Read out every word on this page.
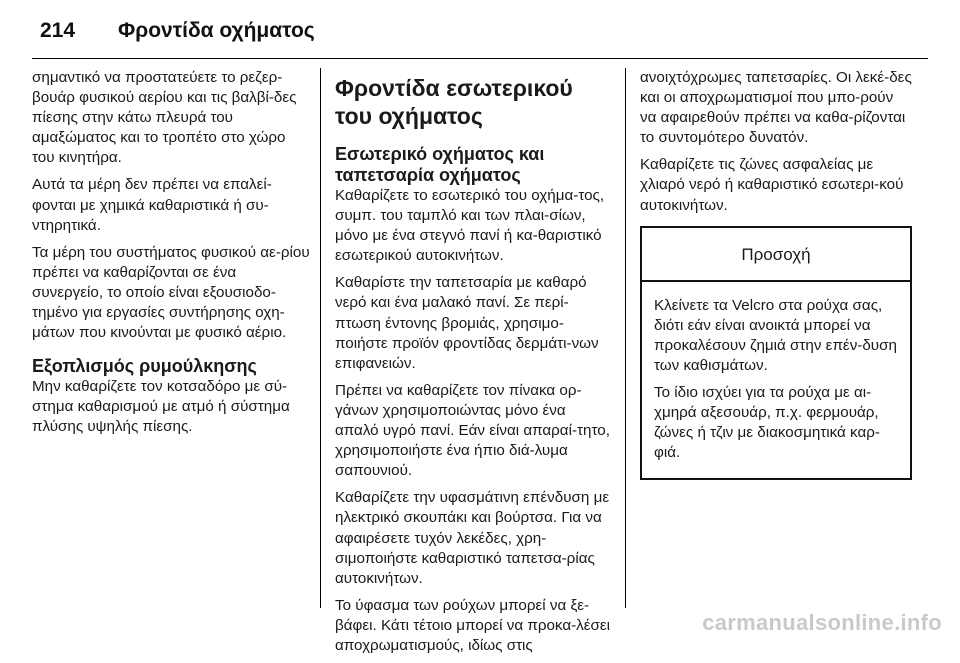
214	Φροντίδα οχήματος

σημαντικό να προστατεύετε το ρεζερ-βουάρ φυσικού αερίου και τις βαλβί-δες πίεσης στην κάτω πλευρά του αμαξώματος και το τροπέτο στο χώρο του κινητήρα.

Αυτά τα μέρη δεν πρέπει να επαλεί-φονται με χημικά καθαριστικά ή συ-ντηρητικά.

Τα μέρη του συστήματος φυσικού αε-ρίου πρέπει να καθαρίζονται σε ένα συνεργείο, το οποίο είναι εξουσιοδο-τημένο για εργασίες συντήρησης οχη-μάτων που κινούνται με φυσικό αέριο.

Εξοπλισμός ρυμούλκησης

Μην καθαρίζετε τον κοτσαδόρο με σύ-στημα καθαρισμού με ατμό ή σύστημα πλύσης υψηλής πίεσης.

Φροντίδα εσωτερικού του οχήματος
Εσωτερικό οχήματος και ταπετσαρία οχήματος

Καθαρίζετε το εσωτερικό του οχήμα-τος, συμπ. του ταμπλό και των πλαι-σίων, μόνο με ένα στεγνό πανί ή κα-θαριστικό εσωτερικού αυτοκινήτων.

Καθαρίστε την ταπετσαρία με καθαρό νερό και ένα μαλακό πανί. Σε περί-πτωση έντονης βρομιάς, χρησιμο-ποιήστε προϊόν φροντίδας δερμάτι-νων επιφανειών.

Πρέπει να καθαρίζετε τον πίνακα ορ-γάνων χρησιμοποιώντας μόνο ένα απαλό υγρό πανί. Εάν είναι απαραί-τητο, χρησιμοποιήστε ένα ήπιο διά-λυμα σαπουνιού.

Καθαρίζετε την υφασμάτινη επένδυση με ηλεκτρικό σκουπάκι και βούρτσα. Για να αφαιρέσετε τυχόν λεκέδες, χρη-σιμοποιήστε καθαριστικό ταπετσα-ρίας αυτοκινήτων.

Το ύφασμα των ρούχων μπορεί να ξε-βάφει. Κάτι τέτοιο μπορεί να προκα-λέσει αποχρωματισμούς, ιδίως στις

ανοιχτόχρωμες ταπετσαρίες. Οι λεκέ-δες και οι αποχρωματισμοί που μπο-ρούν να αφαιρεθούν πρέπει να καθα-ρίζονται το συντομότερο δυνατόν.

Καθαρίζετε τις ζώνες ασφαλείας με χλιαρό νερό ή καθαριστικό εσωτερι-κού αυτοκινήτων.

Προσοχή

Κλείνετε τα Velcro στα ρούχα σας, διότι εάν είναι ανοικτά μπορεί να προκαλέσουν ζημιά στην επέν-δυση των καθισμάτων.

Το ίδιο ισχύει για τα ρούχα με αι-χμηρά αξεσουάρ, π.χ. φερμουάρ, ζώνες ή τζιν με διακοσμητικά καρ-φιά.

carmanualsonline.info
